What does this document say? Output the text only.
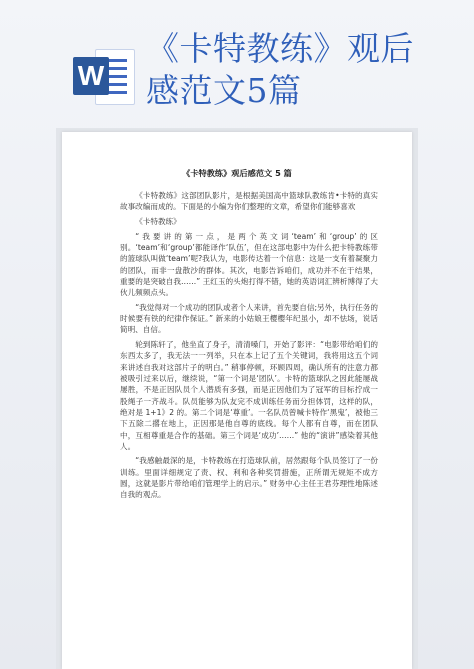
W
《卡特教练》观后
感范文5篇
《卡特教练》观后感范文 5 篇

《卡特教练》这部团队影片，是根据美国高中篮球队教练肯•卡特的真实故事改编而成的。下面是的小编为你们整理的文章，希望你们能够喜欢

《卡特教练》

“我要讲的第一点，是两个英文词‘team’和‘group’的区别。‘team’和‘group’都能译作‘队伍’，但在这部电影中为什么把卡特教练带的篮球队叫做‘team’呢?我认为，电影传达着一个信息：这是一支有着凝聚力的团队，而非一盘散沙的群体。其次，电影告诉咱们，成功并不在于结果，重要的是突破自我……” 王红玉的头炮打得不错，她的英语词汇辨析博得了大伙儿频频点头。

“我觉得对一个成功的团队或者个人来讲，首先要自信;另外，执行任务的时候要有铁的纪律作保证。” 新来的小姑娘王樱樱年纪虽小，却不怯场，说话简明、自信。

轮到陈轩了，他坐直了身子，清清嗓门，开始了影评：“电影带给咱们的东西太多了，我无法一一列举，只在本上记了五个关键词，我将用这五个词来讲述自我对这部片子的明白。” 稍事停顿，环顾四周，确认所有的注意力都被吸引过来以后，继续说，“第一个词是‘团队’。卡特的篮球队之因此能屡战屡胜，不是正因队员个人潜质有多强，而是正因他们为了冠军的目标拧成一股绳子一齐战斗。队员能够为队友完不成训练任务而分担体罚，这样的队，绝对是 1+1》2 的。第二个词是‘尊重’。一名队员曾喊卡特作‘黑鬼’，被他三下五除二撂在地上，正因那是他自尊的底线。每个人都有自尊，而在团队中，互相尊重是合作的基础。第三个词是‘成功’……” 他的“演讲”感染着其他人。

“我感触最深的是，卡特教练在打造球队前，居然跟每个队员签订了一份训练。里面详细规定了责、权、利和各种奖罚措施，正所谓无规矩不成方圆，这就是影片带给咱们管理学上的启示。” 财务中心主任王君芬理性地陈述自我的观点。
